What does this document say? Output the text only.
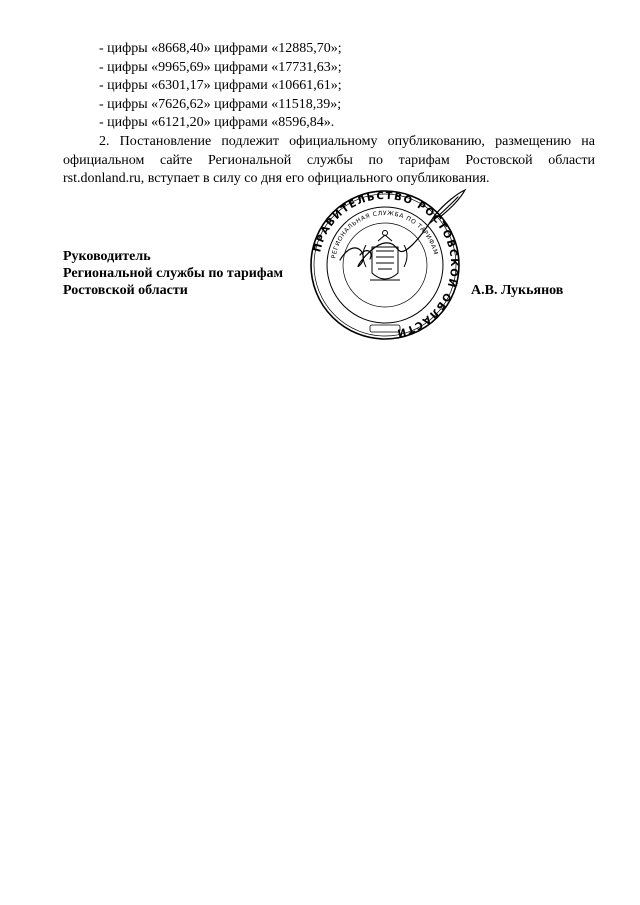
- цифры «8668,40» цифрами «12885,70»;
- цифры «9965,69» цифрами «17731,63»;
- цифры «6301,17» цифрами «10661,61»;
- цифры «7626,62» цифрами «11518,39»;
- цифры «6121,20» цифрами «8596,84».
2. Постановление подлежит официальному опубликованию, размещению на
официальном сайте Региональной службы по тарифам Ростовской области
rst.donland.ru, вступает в силу со дня его официального опубликования.
ПРАВИТЕЛЬСТВО РОСТОВСКОЙ ОБЛАСТИ
РЕГИОНАЛЬНАЯ СЛУЖБА ПО ТАРИФАМ
Руководитель
Региональной службы по тарифам
Ростовской области	А.В. Лукьянов
